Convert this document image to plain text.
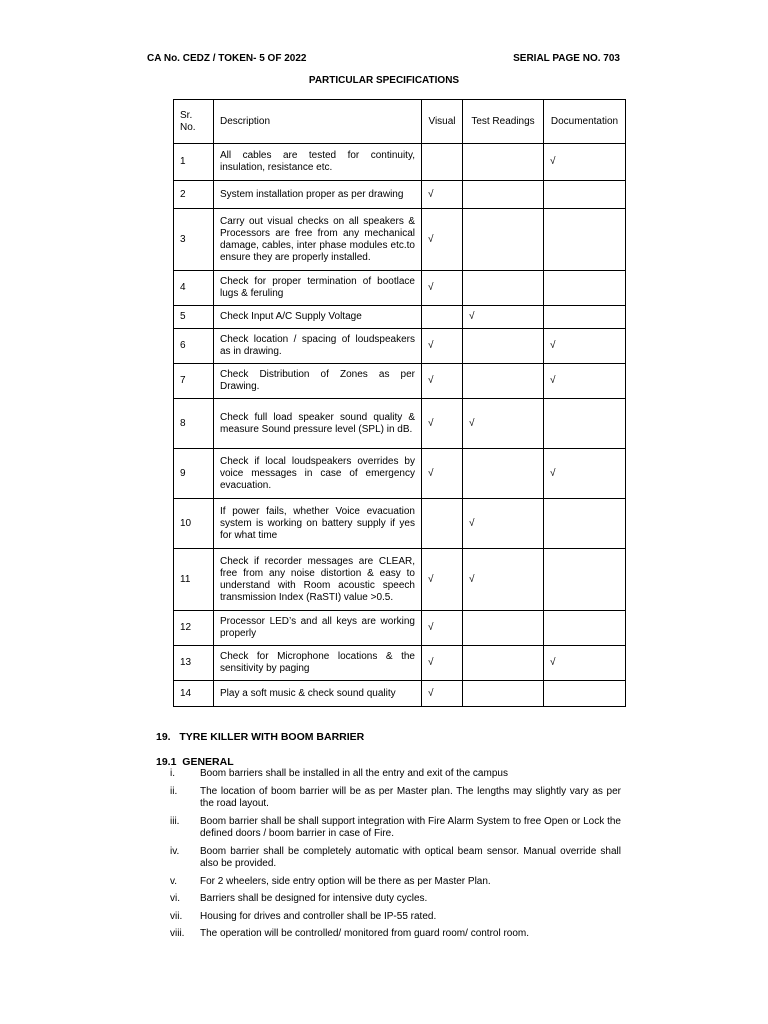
CA No. CEDZ / TOKEN- 5 OF 2022	SERIAL PAGE NO. 703
PARTICULAR SPECIFICATIONS
Sr. No.	Description	Visual	Test Readings	Documentation
1	All cables are tested for continuity, insulation, resistance etc.			√
2	System installation proper as per drawing	√		
3	Carry out visual checks on all speakers & Processors are free from any mechanical damage, cables, inter phase modules etc.to ensure they are properly installed.	√		
4	Check for proper termination of bootlace lugs & feruling	√		
5	Check Input A/C Supply Voltage		√	
6	Check location / spacing of loudspeakers as in drawing.	√		√
7	Check Distribution of Zones as per Drawing.	√		√
8	Check full load speaker sound quality & measure Sound pressure level (SPL) in dB.	√	√	
9	Check if local loudspeakers overrides by voice messages in case of emergency evacuation.	√		√
10	If power fails, whether Voice evacuation system is working on battery supply if yes for what time		√	
11	Check if recorder messages are CLEAR, free from any noise distortion & easy to understand with Room acoustic speech transmission Index (RaSTI) value >0.5.	√	√	
12	Processor LED’s and all keys are working properly	√		
13	Check for Microphone locations & the sensitivity by paging	√		√
14	Play a soft music & check sound quality	√		
19.   TYRE KILLER WITH BOOM BARRIER
19.1  GENERAL
i.	Boom barriers shall be installed in all the entry and exit of the campus
ii.	The location of boom barrier will be as per Master plan. The lengths may slightly vary as per the road layout.
iii.	Boom barrier shall be shall support integration with Fire Alarm System to free Open or Lock the defined doors / boom barrier in case of Fire.
iv.	Boom barrier shall be completely automatic with optical beam sensor. Manual override shall also be provided.
v.	For 2 wheelers, side entry option will be there as per Master Plan.
vi.	Barriers shall be designed for intensive duty cycles.
vii.	Housing for drives and controller shall be IP-55 rated.
viii.	The operation will be controlled/ monitored from guard room/ control room.
